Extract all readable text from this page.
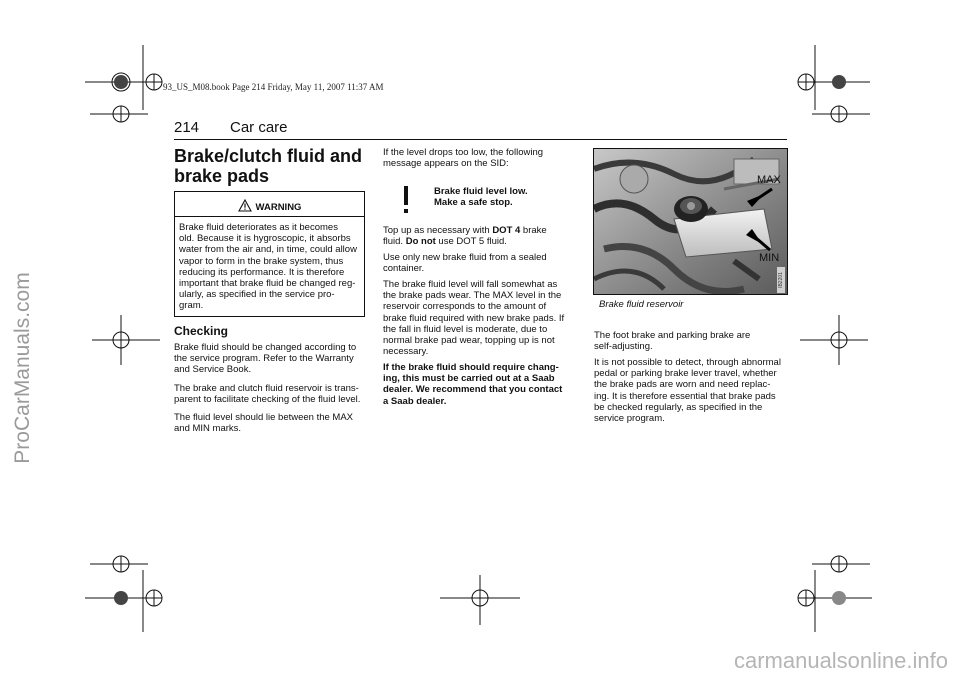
93_US_M08.book Page 214 Friday, May 11, 2007 11:37 AM
214 Car care
ProCarManuals.com
carmanualsonline.info
Brake/clutch fluid and
brake pads
WARNING
Brake fluid deteriorates as it becomes
old. Because it is hygroscopic, it absorbs
water from the air and, in time, could allow
vapor to form in the brake system, thus
reducing its performance. It is therefore
important that brake fluid be changed reg-
ularly, as specified in the service pro-
gram.
Checking
Brake fluid should be changed according to
the service program. Refer to the Warranty
and Service Book.
The brake and clutch fluid reservoir is trans-
parent to facilitate checking of the fluid level.
The fluid level should lie between the MAX
and MIN marks.
If the level drops too low, the following
message appears on the SID:
Brake fluid level low.
Make a safe stop.
Top up as necessary with DOT 4 brake
fluid. Do not use DOT 5 fluid.
Use only new brake fluid from a sealed
container.
The brake fluid level will fall somewhat as
the brake pads wear. The MAX level in the
reservoir corresponds to the amount of
brake fluid required with new brake pads. If
the fall in fluid level is moderate, due to
normal brake pad wear, topping up is not
necessary.
If the brake fluid should require chang-
ing, this must be carried out at a Saab
dealer. We recommend that you contact
a Saab dealer.
MAX
MIN
IB2201
Brake fluid reservoir
The foot brake and parking brake are
self-adjusting.
It is not possible to detect, through abnormal
pedal or parking brake lever travel, whether
the brake pads are worn and need replac-
ing. It is therefore essential that brake pads
be checked regularly, as specified in the
service program.
